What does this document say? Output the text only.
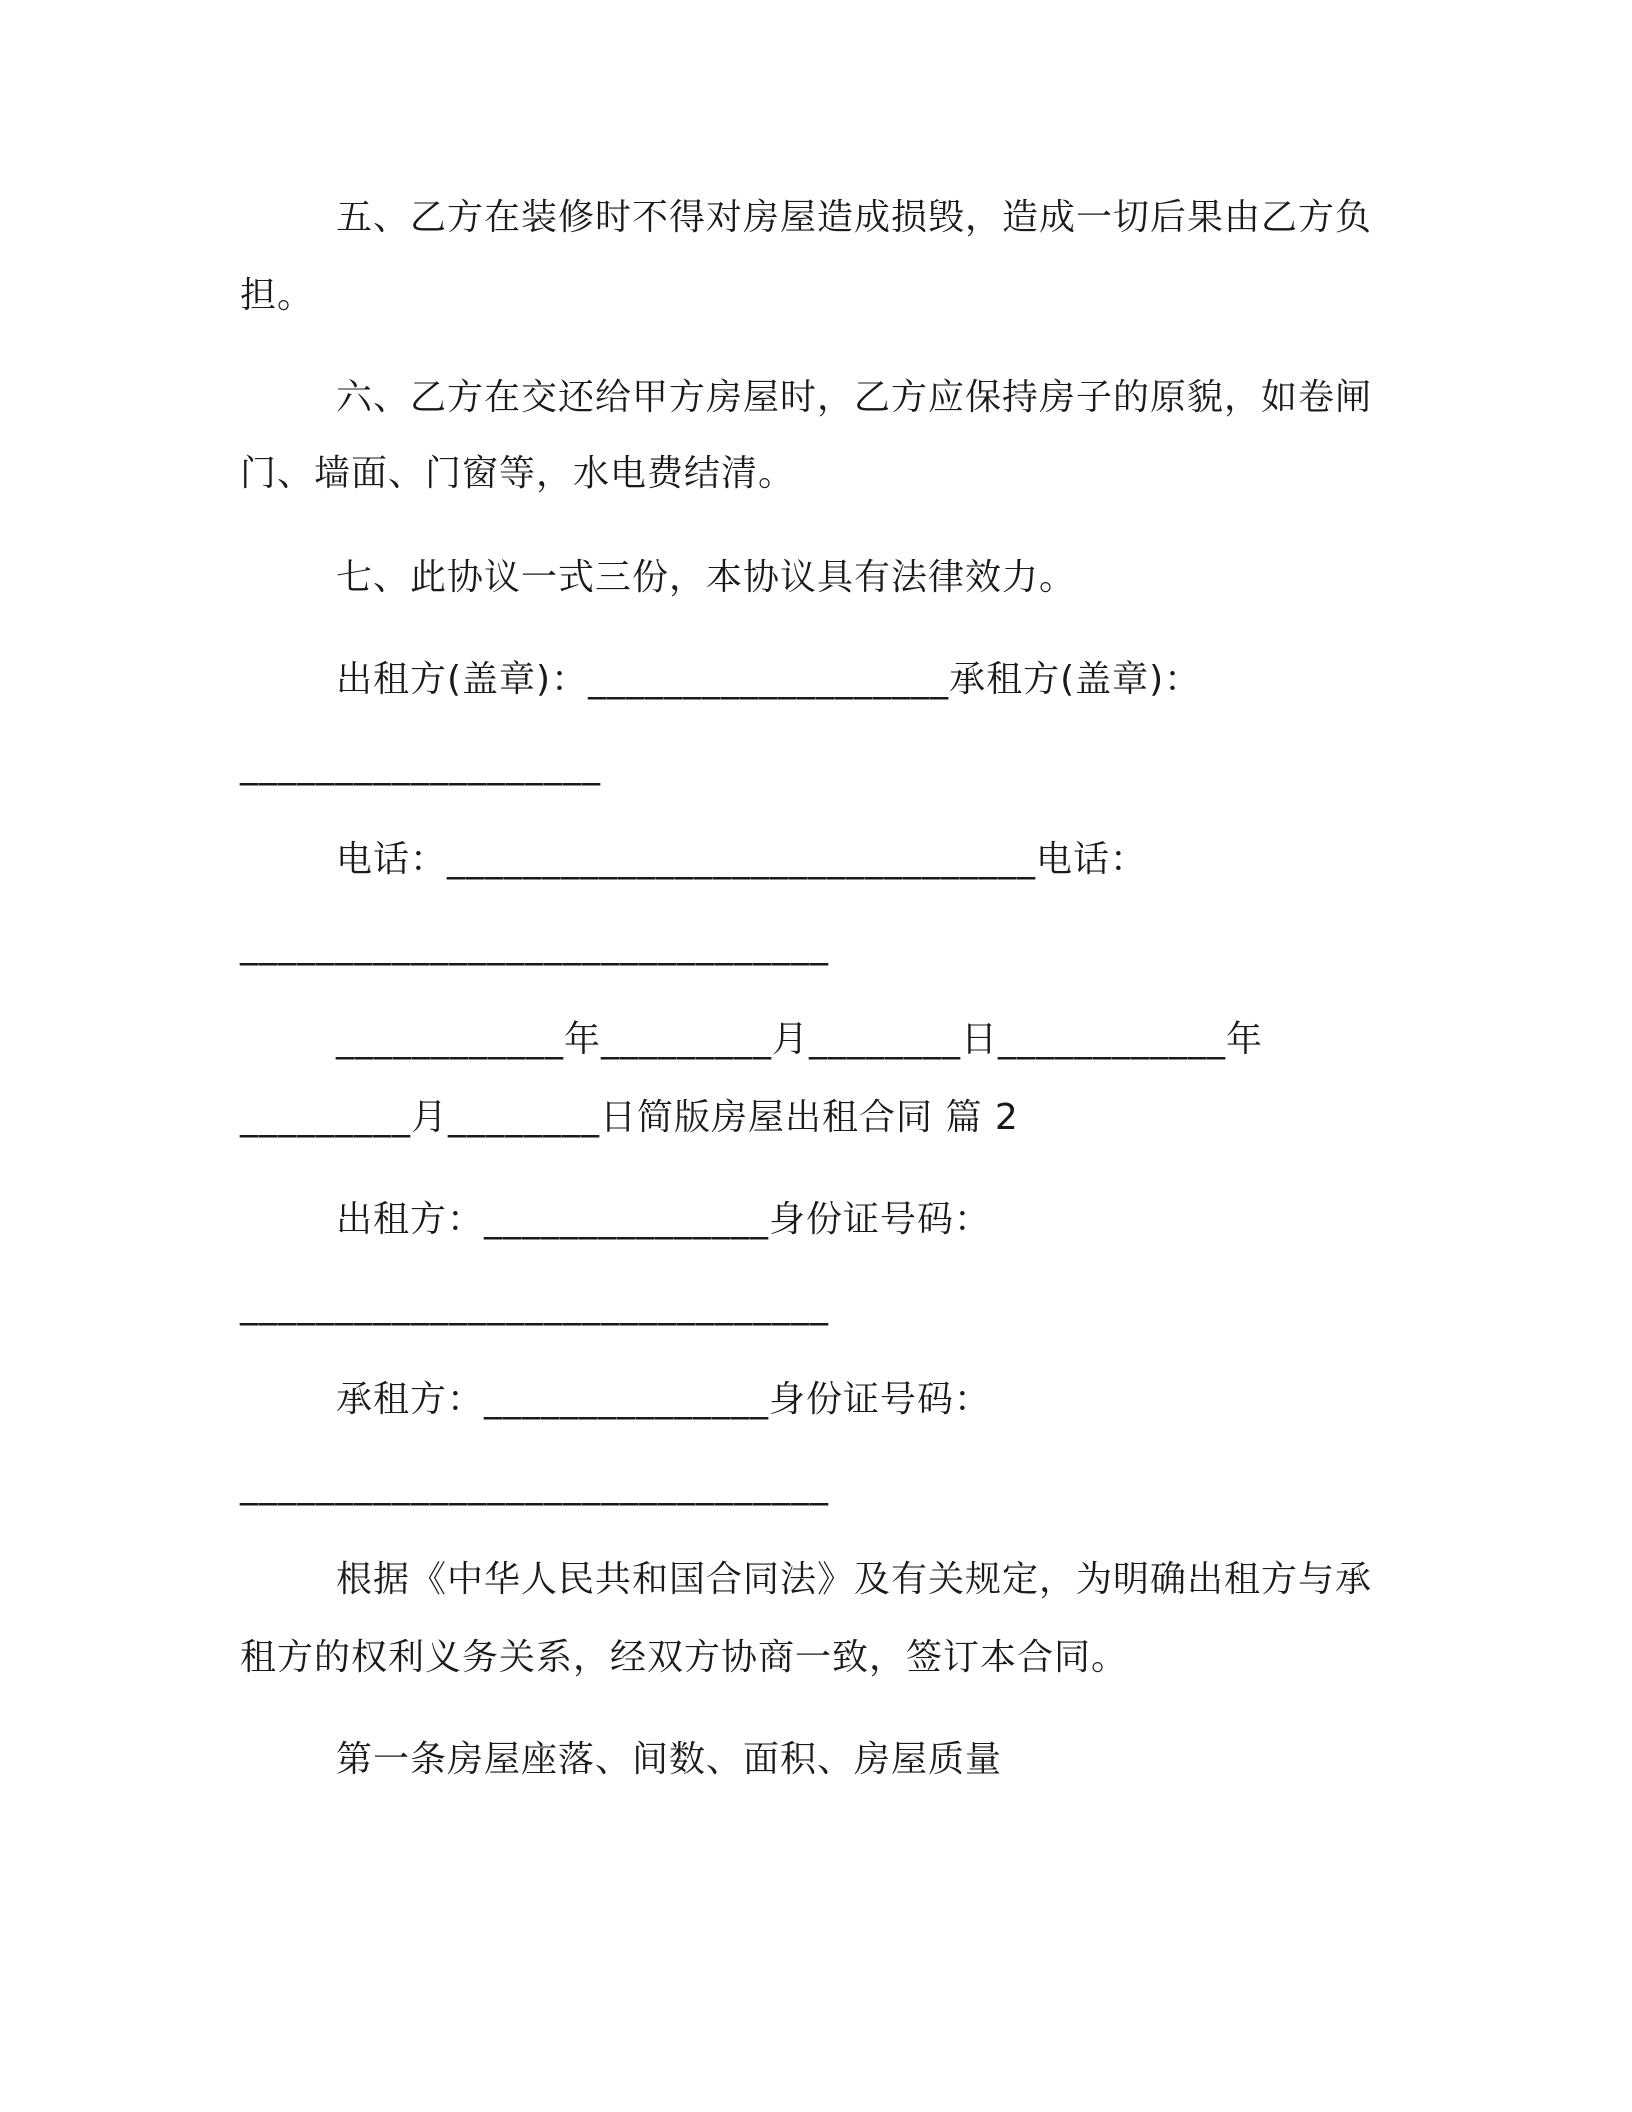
五、乙方在装修时不得对房屋造成损毁，造成一切后果由乙方负
担。
六、乙方在交还给甲方房屋时，乙方应保持房子的原貌，如卷闸
门、墙面、门窗等，水电费结清。
七、此协议一式三份，本协议具有法律效力。
出租方(盖章)：___________________承租方(盖章)：
___________________
电话：_______________________________电话：
_______________________________
____________年_________月________日____________年
_________月________日简版房屋出租合同 篇 2
出租方：_______________身份证号码：
_______________________________
承租方：_______________身份证号码：
_______________________________
根据《中华人民共和国合同法》及有关规定，为明确出租方与承
租方的权利义务关系，经双方协商一致，签订本合同。
第一条房屋座落、间数、面积、房屋质量
